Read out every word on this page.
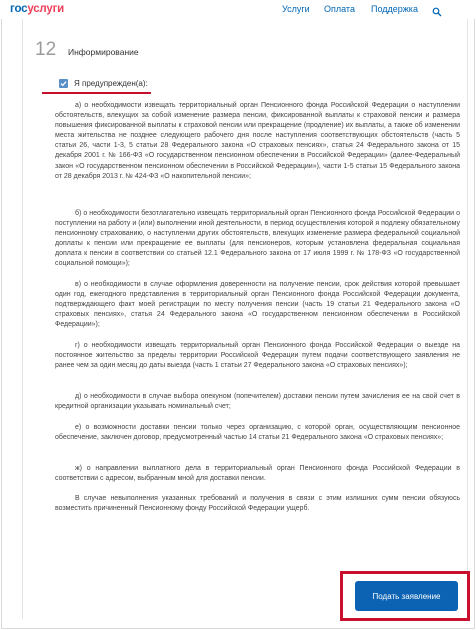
госуслуги	Услуги Оплата Поддержка
12 Информирование
Я предупрежден(а):

а) о необходимости извещать территориальный орган Пенсионного фонда Российской Федерации о наступлении обстоятельств, влекущих за собой изменение размера пенсии, фиксированной выплаты к страховой пенсии и размера повышения фиксированной выплаты к страховой пенсии или прекращение (продление) их выплаты, а также об изменении места жительства не позднее следующего рабочего дня после наступления соответствующих обстоятельств (часть 5 статьи 26, части 1-3, 5 статьи 28 Федерального закона «О страховых пенсиях», статья 24 Федерального закона от 15 декабря 2001 г. № 166-ФЗ «О государственном пенсионном обеспечении в Российской Федерации» (далее-Федеральный закон «О государственном пенсионном обеспечении в Российской Федерации»), части 1-5 статьи 15 Федерального закона от 28 декабря 2013 г. № 424-ФЗ «О накопительной пенсии»;

б) о необходимости безотлагательно извещать территориальный орган Пенсионного фонда Российской Федерации о поступлении на работу и (или) выполнении иной деятельности, в период осуществления которой я подлежу обязательному пенсионному страхованию, о наступлении других обстоятельств, влекущих изменение размера федеральной социальной доплаты к пенсии или прекращение ее выплаты (для пенсионеров, которым установлена федеральная социальная доплата к пенсии в соответствии со статьей 12.1 Федерального закона от 17 июля 1999 г. № 178-ФЗ «О государственной социальной помощи»);

в) о необходимости в случае оформления доверенности на получение пенсии, срок действия которой превышает один год, ежегодного представления в территориальный орган Пенсионного фонда Российской Федерации документа, подтверждающего факт моей регистрации по месту получения пенсии (часть 19 статьи 21 Федерального закона «О страховых пенсиях», статья 24 Федерального закона «О государственном пенсионном обеспечении в Российской Федерации»);

г) о необходимости извещать территориальный орган Пенсионного фонда Российской Федерации о выезде на постоянное жительство за пределы территории Российской Федерации путем подачи соответствующего заявления не ранее чем за один месяц до даты выезда (часть 1 статьи 27 Федерального закона «О страховых пенсиях»);

д) о необходимости в случае выбора опекуном (попечителем) доставки пенсии путем зачисления ее на свой счет в кредитной организации указывать номинальный счет;

е) о возможности доставки пенсии только через организацию, с которой орган, осуществляющим пенсионное обеспечение, заключен договор, предусмотренный частью 14 статьи 21 Федерального закона «О страховых пенсиях»;

ж) о направлении выплатного дела в территориальный орган Пенсионного фонда Российской Федерации в соответствии с адресом, выбранным мной для доставки пенсии.

В случае невыполнения указанных требований и получения в связи с этим излишних сумм пенсии обязуюсь возместить причиненный Пенсионному фонду Российской Федерации ущерб.

Подать заявление
